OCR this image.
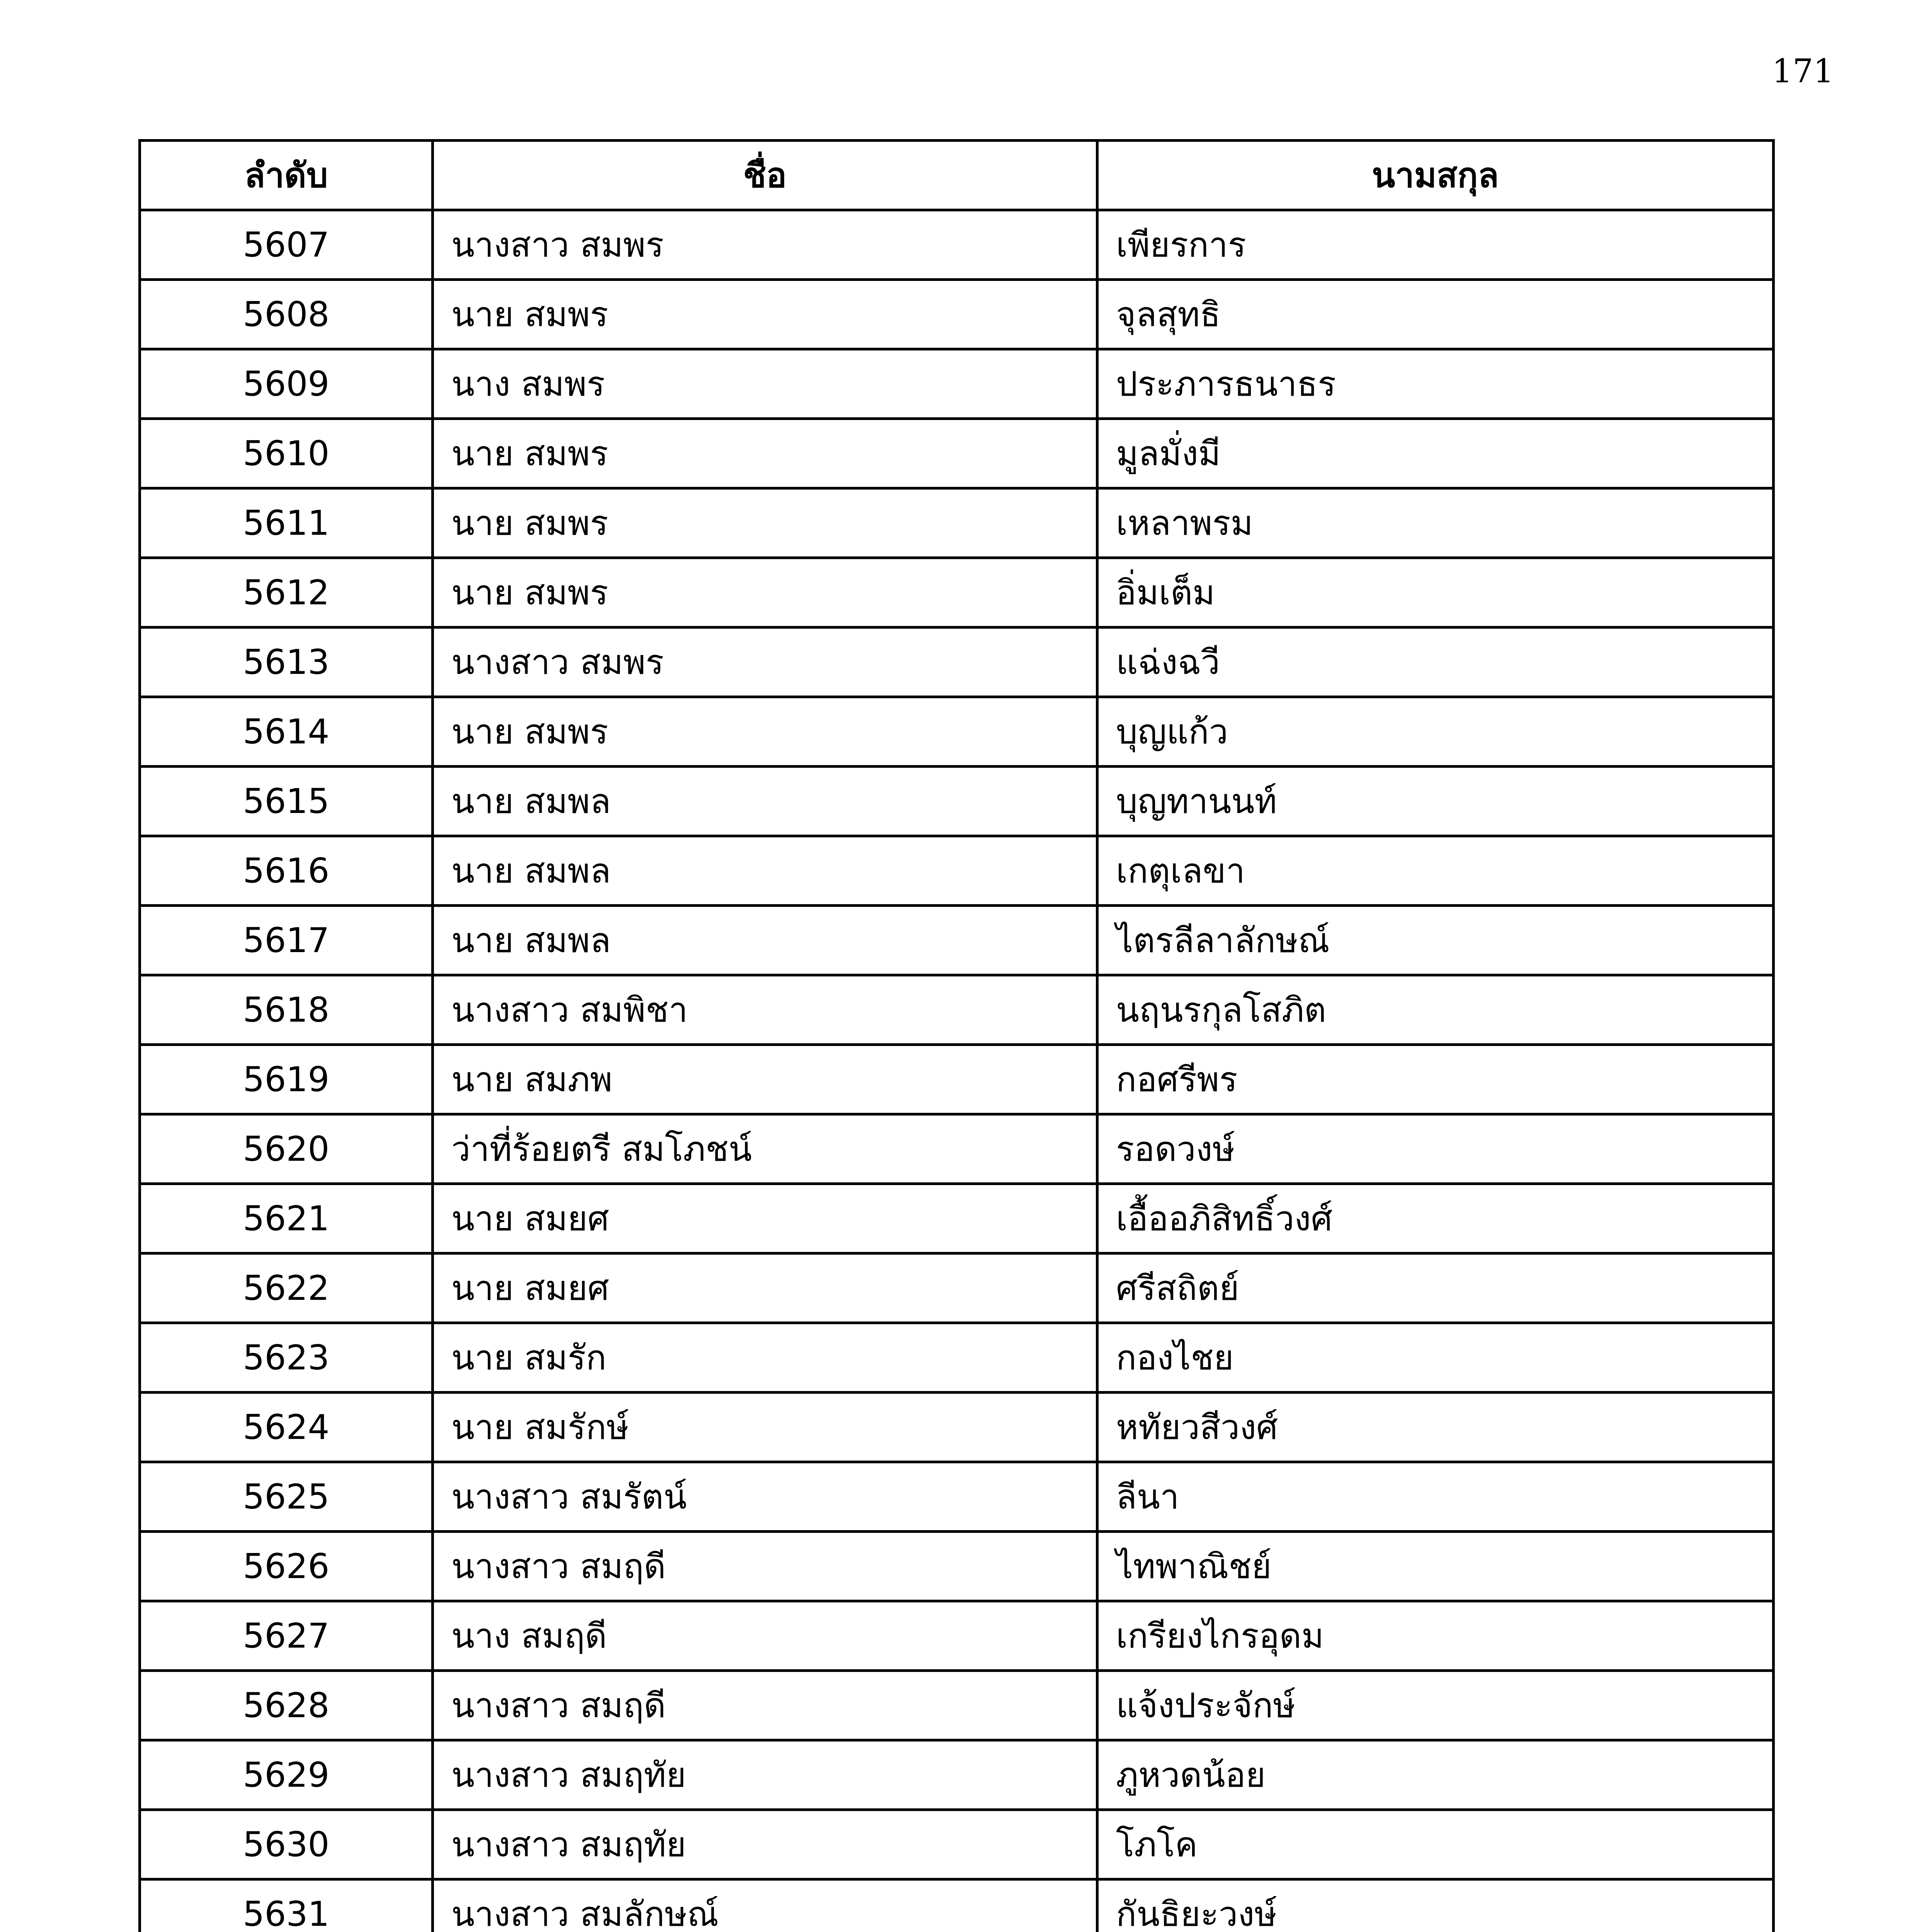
171
ลำดับ	ชื่อ	นามสกุล
5607	นางสาว สมพร	เพียรการ
5608	นาย สมพร	จุลสุทธิ
5609	นาง สมพร	ประภารธนาธร
5610	นาย สมพร	มูลมั่งมี
5611	นาย สมพร	เหลาพรม
5612	นาย สมพร	อิ่มเต็ม
5613	นางสาว สมพร	แฉ่งฉวี
5614	นาย สมพร	บุญแก้ว
5615	นาย สมพล	บุญทานนท์
5616	นาย สมพล	เกตุเลขา
5617	นาย สมพล	ไตรลีลาลักษณ์
5618	นางสาว สมพิชา	นฤนรกุลโสภิต
5619	นาย สมภพ	กอศรีพร
5620	ว่าที่ร้อยตรี สมโภชน์	รอดวงษ์
5621	นาย สมยศ	เอื้ออภิสิทธิ์วงศ์
5622	นาย สมยศ	ศรีสถิตย์
5623	นาย สมรัก	กองไชย
5624	นาย สมรักษ์	หทัยวสีวงศ์
5625	นางสาว สมรัตน์	ลีนา
5626	นางสาว สมฤดี	ไทพาณิชย์
5627	นาง สมฤดี	เกรียงไกรอุดม
5628	นางสาว สมฤดี	แจ้งประจักษ์
5629	นางสาว สมฤทัย	ภูหวดน้อย
5630	นางสาว สมฤทัย	โภโค
5631	นางสาว สมลักษณ์	กันธิยะวงษ์
